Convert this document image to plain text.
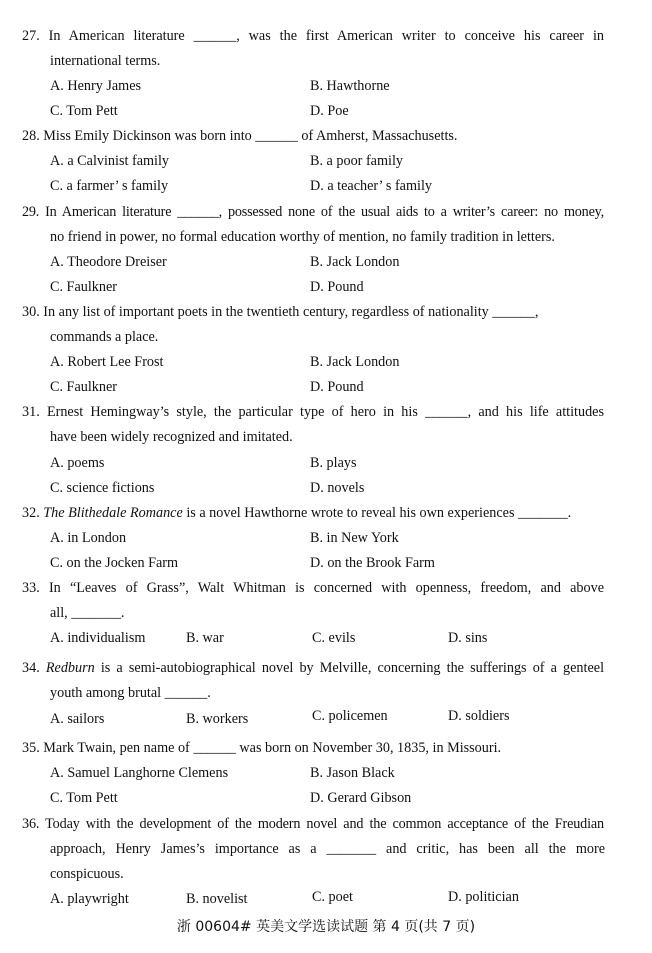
27. In American literature ______, was the first American writer to conceive his career in
international terms.
A. Henry James	B. Hawthorne
C. Tom Pett	D. Poe
28. Miss Emily Dickinson was born into ______ of Amherst, Massachusetts.
A. a Calvinist family	B. a poor family
C. a farmer’ s family	D. a teacher’ s family
29. In American literature ______, possessed none of the usual aids to a writer’s career: no money,
no friend in power, no formal education worthy of mention, no family tradition in letters.
A. Theodore Dreiser	B. Jack London
C. Faulkner	D. Pound
30. In any list of important poets in the twentieth century, regardless of nationality ______,
commands a place.
A. Robert Lee Frost	B. Jack London
C. Faulkner	D. Pound
31. Ernest Hemingway’s style, the particular type of hero in his ______, and his life attitudes
have been widely recognized and imitated.
A. poems	B. plays
C. science fictions	D. novels
32. The Blithedale Romance is a novel Hawthorne wrote to reveal his own experiences _______.
A. in London	B. in New York
C. on the Jocken Farm	D. on the Brook Farm
33. In “Leaves of Grass”, Walt Whitman is concerned with openness, freedom, and above
all, _______.
A. individualism	B. war	C. evils	D. sins
34. Redburn is a semi-autobiographical novel by Melville, concerning the sufferings of a genteel
youth among brutal ______.
A. sailors	B. workers	C. policemen	D. soldiers
35. Mark Twain, pen name of ______ was born on November 30, 1835, in Missouri.
A. Samuel Langhorne Clemens	B. Jason Black
C. Tom Pett	D. Gerard Gibson
36. Today with the development of the modern novel and the common acceptance of the Freudian
approach, Henry James’s importance as a _______ and critic, has been all the more
conspicuous.
A. playwright	B. novelist	C. poet	D. politician
浙 00604# 英美文学选读试题 第 4 页(共 7 页)
